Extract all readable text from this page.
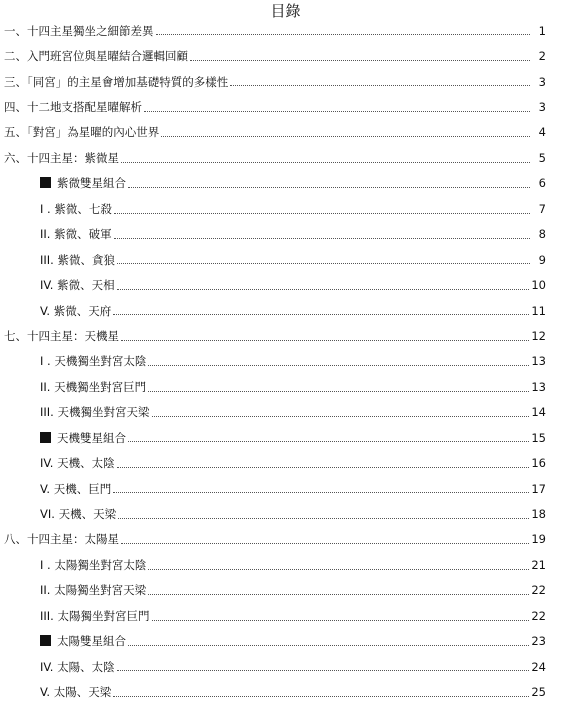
目錄
一、十四主星獨坐之細節差異	1
二、入門班宮位與星曜結合邏輯回顧	2
三、「同宮」的主星會增加基礎特質的多樣性	3
四、十二地支搭配星曜解析	3
五、「對宮」為星曜的內心世界	4
六、十四主星：紫微星	5
紫微雙星組合	6
I . 紫微、七殺	7
II. 紫微、破軍	8
III. 紫微、貪狼	9
IV. 紫微、天相	10
V. 紫微、天府	11
七、十四主星：天機星	12
I . 天機獨坐對宮太陰	13
II. 天機獨坐對宮巨門	13
III. 天機獨坐對宮天梁	14
天機雙星組合	15
IV. 天機、太陰	16
V. 天機、巨門	17
VI. 天機、天梁	18
八、十四主星：太陽星	19
I . 太陽獨坐對宮太陰	21
II. 太陽獨坐對宮天梁	22
III. 太陽獨坐對宮巨門	22
太陽雙星組合	23
IV. 太陽、太陰	24
V. 太陽、天梁	25
